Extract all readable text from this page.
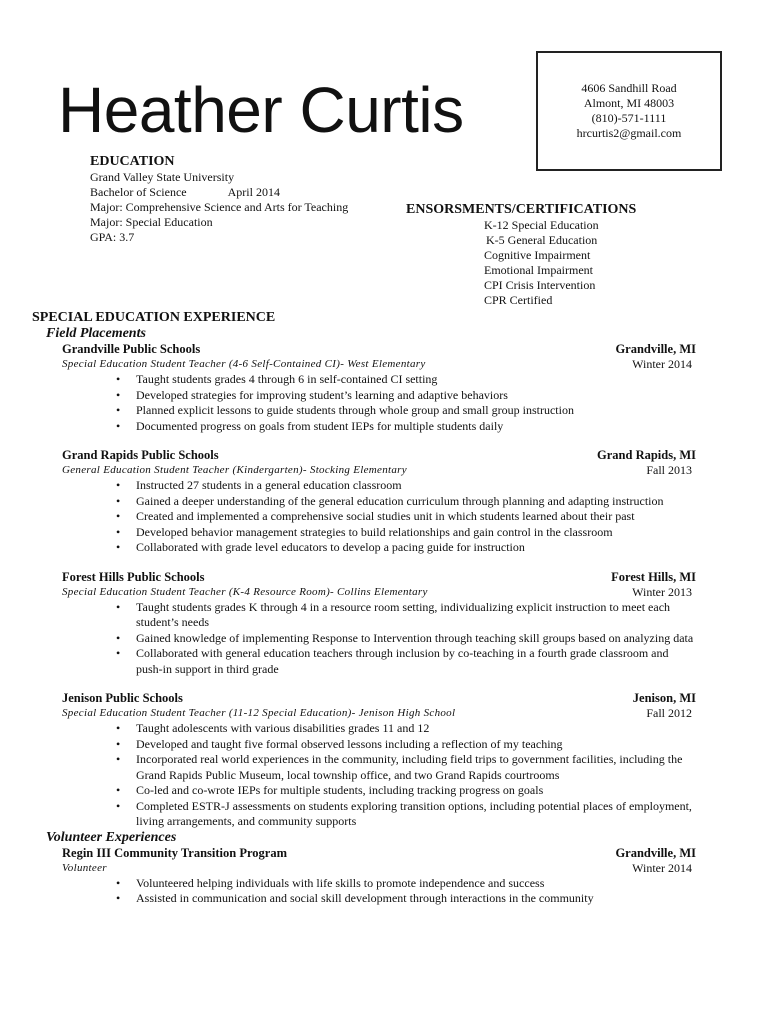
Heather Curtis	4606 Sandhill Road
Almont, MI 48003
(810)-571-1111
hrcurtis2@gmail.com
EDUCATION
Grand Valley State University
Bachelor of Science	April 2014
Major: Comprehensive Science and Arts for Teaching
Major: Special Education
GPA: 3.7
ENSORSMENTS/CERTIFICATIONS
K-12 Special Education
K-5 General Education
Cognitive Impairment
Emotional Impairment
CPI Crisis Intervention
CPR Certified
SPECIAL EDUCATION EXPERIENCE
Field Placements
Grandville Public Schools	Grandville, MI
Special Education Student Teacher (4-6 Self-Contained CI)- West Elementary	Winter 2014
• Taught students grades 4 through 6 in self-contained CI setting
• Developed strategies for improving student’s learning and adaptive behaviors
• Planned explicit lessons to guide students through whole group and small group instruction
• Documented progress on goals from student IEPs for multiple students daily
Grand Rapids Public Schools	Grand Rapids, MI
General Education Student Teacher (Kindergarten)- Stocking Elementary	Fall 2013
• Instructed 27 students in a general education classroom
• Gained a deeper understanding of the general education curriculum through planning and adapting instruction
• Created and implemented a comprehensive social studies unit in which students learned about their past
• Developed behavior management strategies to build relationships and gain control in the classroom
• Collaborated with grade level educators to develop a pacing guide for instruction
Forest Hills Public Schools	Forest Hills, MI
Special Education Student Teacher (K-4 Resource Room)- Collins Elementary	Winter 2013
• Taught students grades K through 4 in a resource room setting, individualizing explicit instruction to meet each student’s needs
• Gained knowledge of implementing Response to Intervention through teaching skill groups based on analyzing data
• Collaborated with general education teachers through inclusion by co-teaching in a fourth grade classroom and push-in support in third grade
Jenison Public Schools	Jenison, MI
Special Education Student Teacher (11-12 Special Education)- Jenison High School	Fall 2012
• Taught adolescents with various disabilities grades 11 and 12
• Developed and taught five formal observed lessons including a reflection of my teaching
• Incorporated real world experiences in the community, including field trips to government facilities, including the Grand Rapids Public Museum, local township office, and two Grand Rapids courtrooms
• Co-led and co-wrote IEPs for multiple students, including tracking progress on goals
• Completed ESTR-J assessments on students exploring transition options, including potential places of employment, living arrangements, and community supports
Volunteer Experiences
Regin III Community Transition Program	Grandville, MI
Volunteer	Winter 2014
• Volunteered helping individuals with life skills to promote independence and success
• Assisted in communication and social skill development through interactions in the community
